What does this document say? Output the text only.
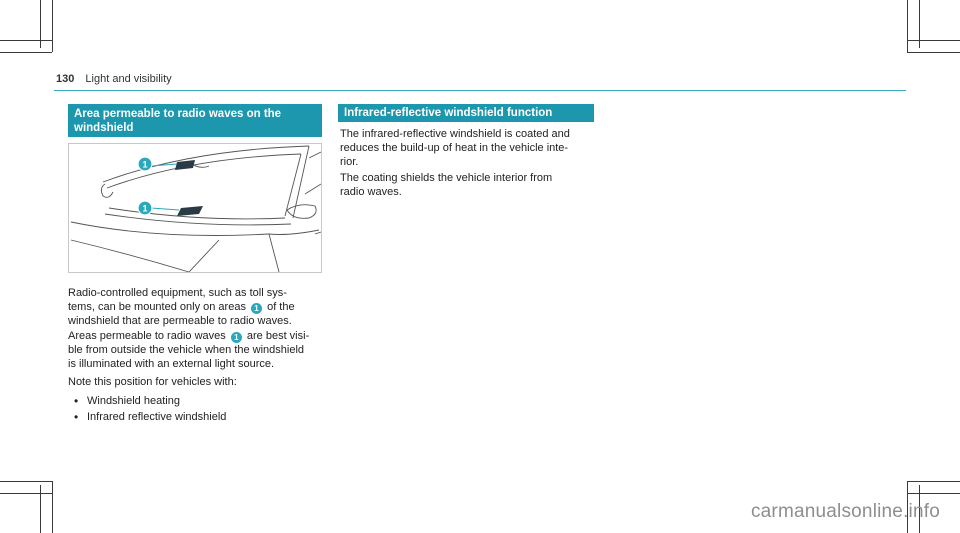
130 Light and visibility
Area permeable to radio waves on the windshield
1
1

Radio-controlled equipment, such as toll sys-
tems, can be mounted only on areas 1 of the
windshield that are permeable to radio waves.

Areas permeable to radio waves 1 are best visi-
ble from outside the vehicle when the windshield
is illuminated with an external light source.

Note this position for vehicles with:

• Windshield heating
• Infrared reflective windshield
Infrared-reflective windshield function

The infrared-reflective windshield is coated and
reduces the build-up of heat in the vehicle inte-
rior.

The coating shields the vehicle interior from
radio waves.

carmanualsonline.info
